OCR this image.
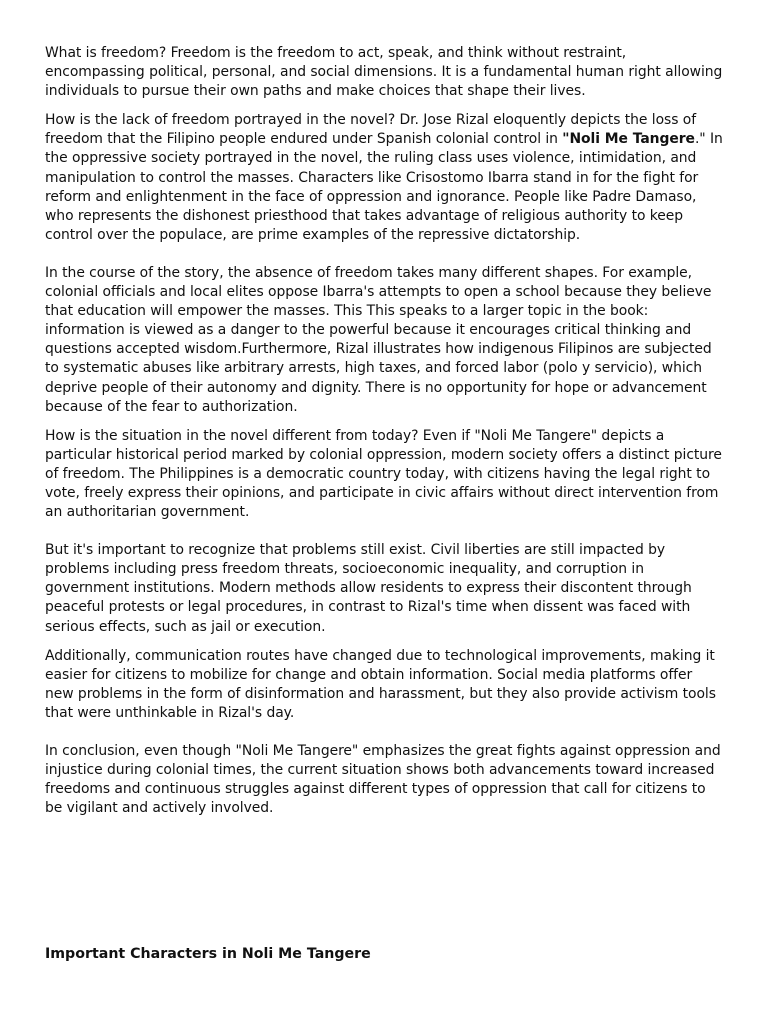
What is freedom? Freedom is the freedom to act, speak, and think without restraint, encompassing political, personal, and social dimensions. It is a fundamental human right allowing individuals to pursue their own paths and make choices that shape their lives.

How is the lack of freedom portrayed in the novel? Dr. Jose Rizal eloquently depicts the loss of freedom that the Filipino people endured under Spanish colonial control in "Noli Me Tangere." In the oppressive society portrayed in the novel, the ruling class uses violence, intimidation, and manipulation to control the masses. Characters like Crisostomo Ibarra stand in for the fight for reform and enlightenment in the face of oppression and ignorance. People like Padre Damaso, who represents the dishonest priesthood that takes advantage of religious authority to keep control over the populace, are prime examples of the repressive dictatorship.

In the course of the story, the absence of freedom takes many different shapes. For example, colonial officials and local elites oppose Ibarra's attempts to open a school because they believe that education will empower the masses. This This speaks to a larger topic in the book: information is viewed as a danger to the powerful because it encourages critical thinking and questions accepted wisdom.Furthermore, Rizal illustrates how indigenous Filipinos are subjected to systematic abuses like arbitrary arrests, high taxes, and forced labor (polo y servicio), which deprive people of their autonomy and dignity. There is no opportunity for hope or advancement because of the fear to authorization.

How is the situation in the novel different from today? Even if "Noli Me Tangere" depicts a particular historical period marked by colonial oppression, modern society offers a distinct picture of freedom. The Philippines is a democratic country today, with citizens having the legal right to vote, freely express their opinions, and participate in civic affairs without direct intervention from an authoritarian government.

But it's important to recognize that problems still exist. Civil liberties are still impacted by problems including press freedom threats, socioeconomic inequality, and corruption in government institutions. Modern methods allow residents to express their discontent through peaceful protests or legal procedures, in contrast to Rizal's time when dissent was faced with serious effects, such as jail or execution.

Additionally, communication routes have changed due to technological improvements, making it easier for citizens to mobilize for change and obtain information. Social media platforms offer new problems in the form of disinformation and harassment, but they also provide activism tools that were unthinkable in Rizal's day.

In conclusion, even though "Noli Me Tangere" emphasizes the great fights against oppression and injustice during colonial times, the current situation shows both advancements toward increased freedoms and continuous struggles against different types of oppression that call for citizens to be vigilant and actively involved.

Important Characters in Noli Me Tangere
